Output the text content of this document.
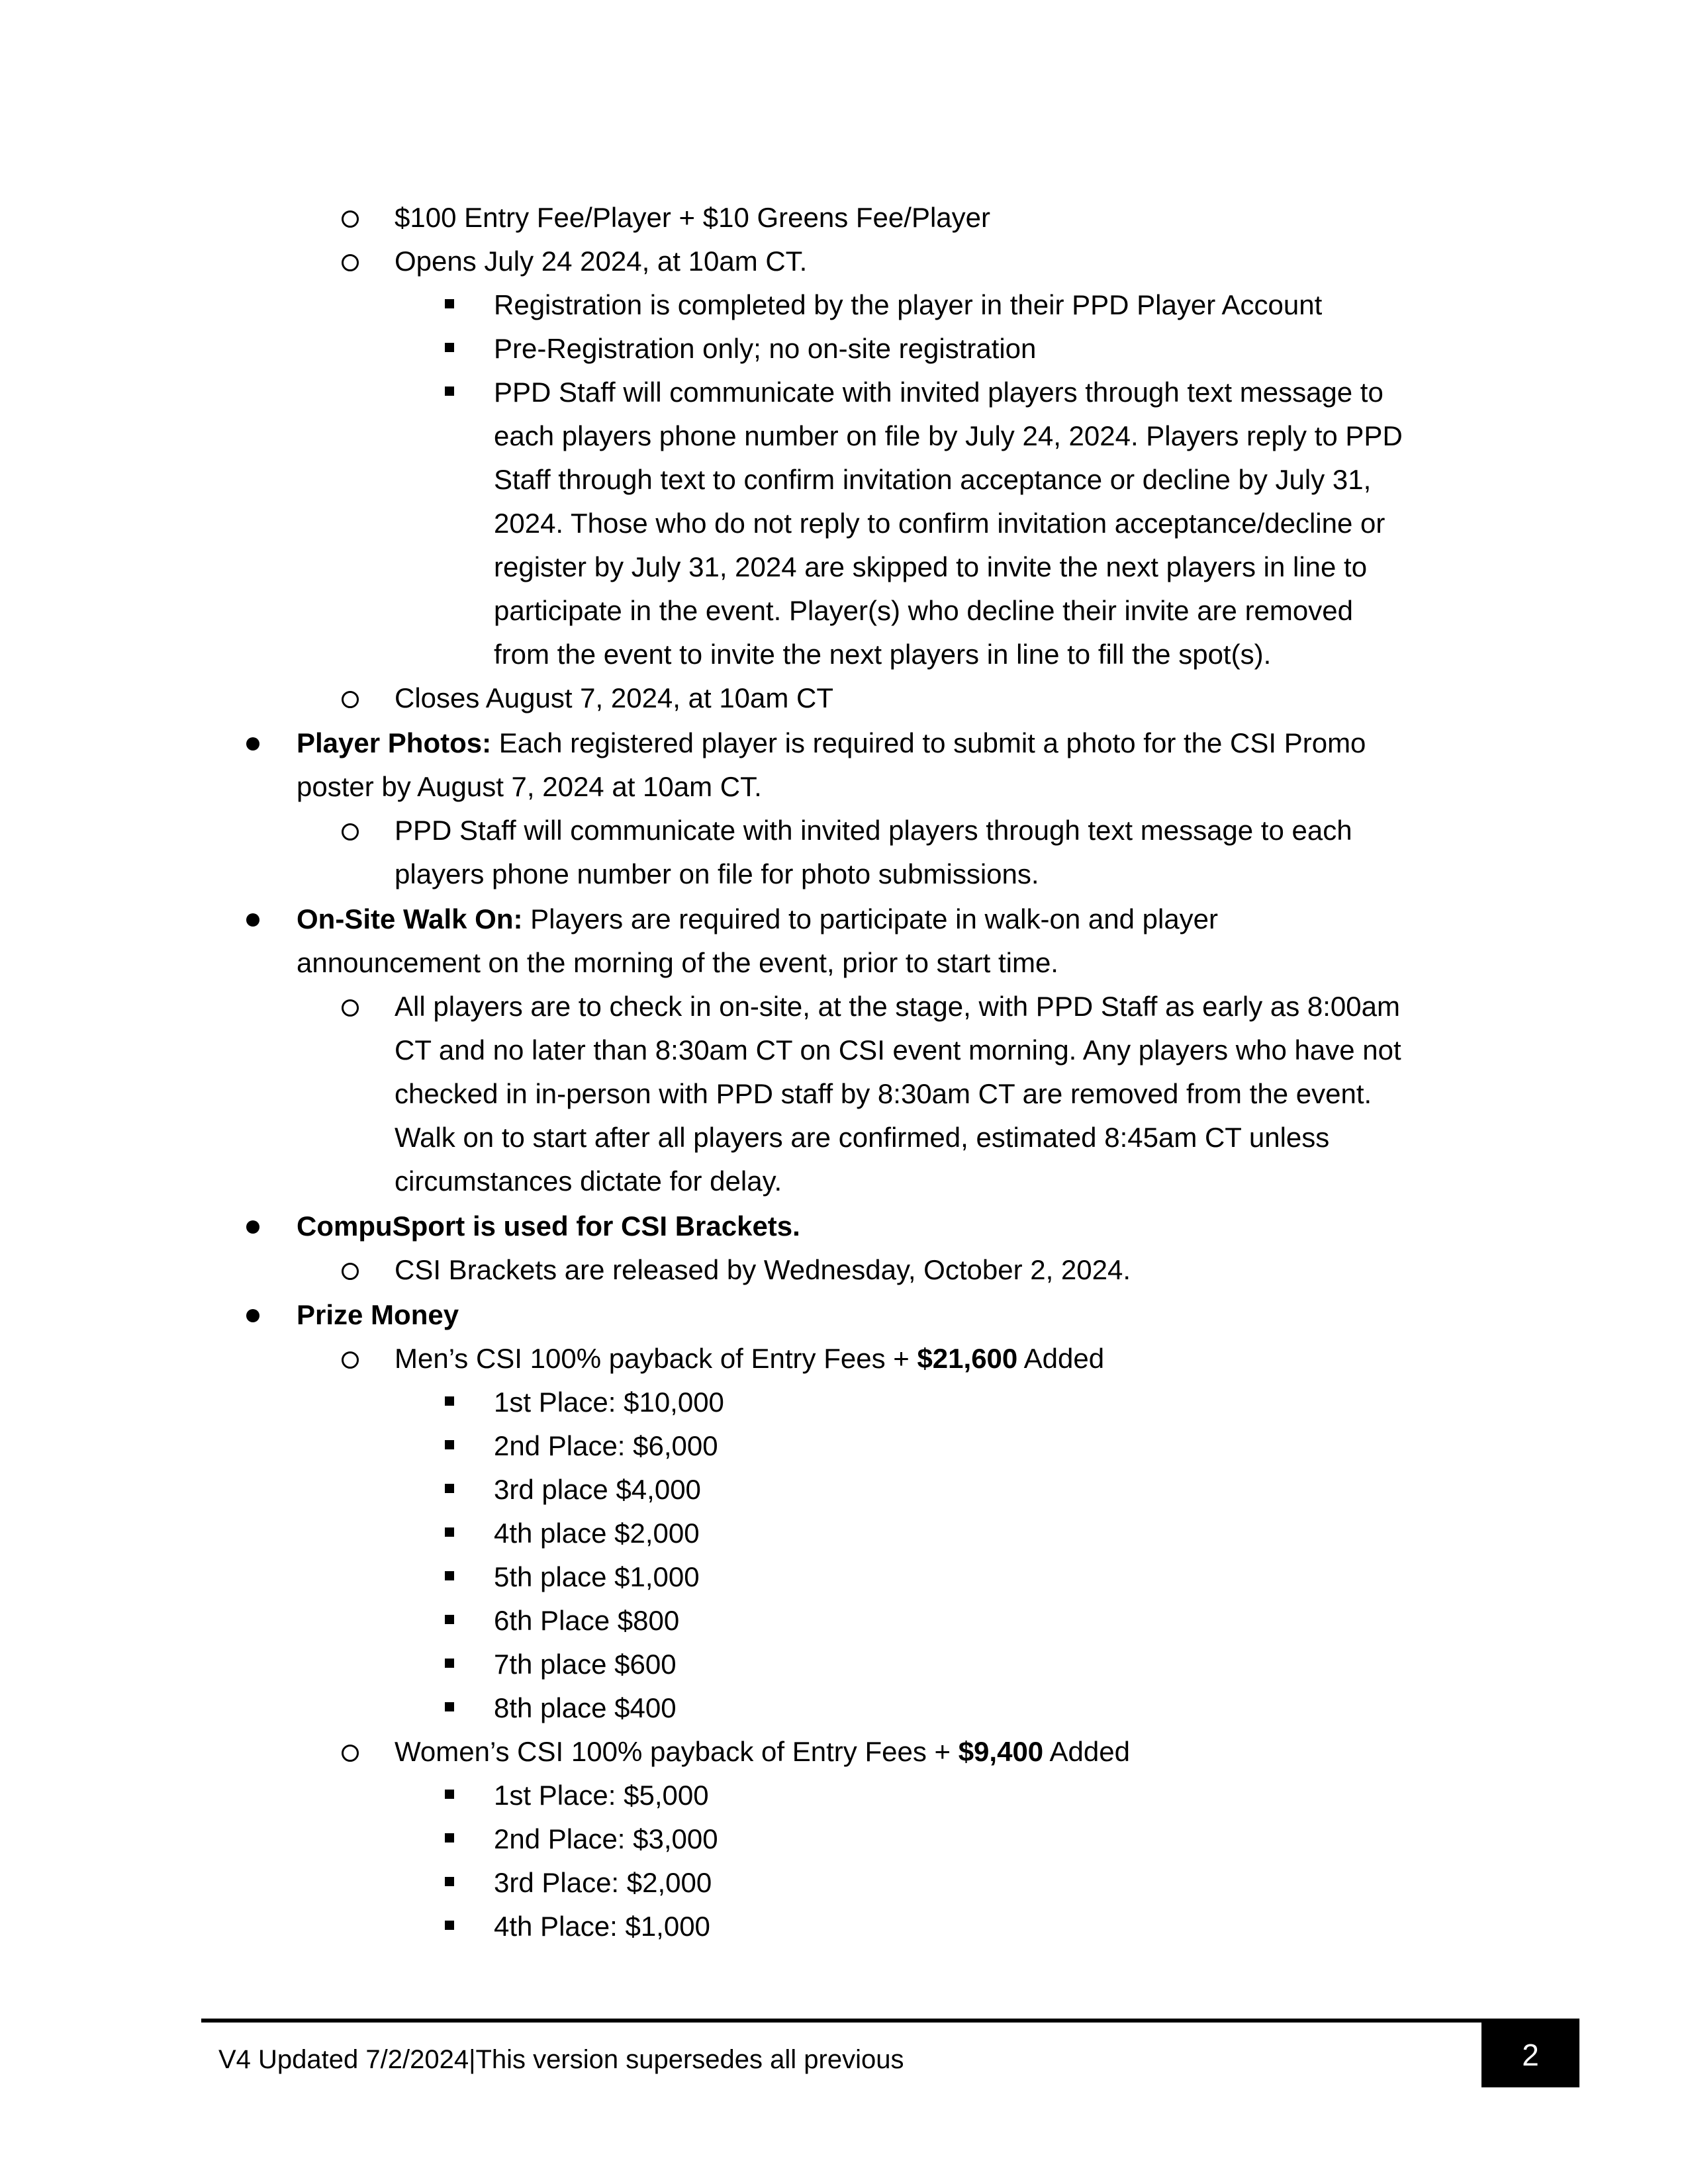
$100 Entry Fee/Player + $10 Greens Fee/Player
Opens July 24 2024, at 10am CT.
Registration is completed by the player in their PPD Player Account
Pre-Registration only; no on-site registration
PPD Staff will communicate with invited players through text message to
each players phone number on file by July 24, 2024. Players reply to PPD
Staff through text to confirm invitation acceptance or decline by July 31,
2024. Those who do not reply to confirm invitation acceptance/decline or
register by July 31, 2024 are skipped to invite the next players in line to
participate in the event. Player(s) who decline their invite are removed
from the event to invite the next players in line to fill the spot(s).
Closes August 7, 2024, at 10am CT
Player Photos: Each registered player is required to submit a photo for the CSI Promo
poster by August 7, 2024 at 10am CT.
PPD Staff will communicate with invited players through text message to each
players phone number on file for photo submissions.
On-Site Walk On: Players are required to participate in walk-on and player
announcement on the morning of the event, prior to start time.
All players are to check in on-site, at the stage, with PPD Staff as early as 8:00am
CT and no later than 8:30am CT on CSI event morning. Any players who have not
checked in in-person with PPD staff by 8:30am CT are removed from the event.
Walk on to start after all players are confirmed, estimated 8:45am CT unless
circumstances dictate for delay.
CompuSport is used for CSI Brackets.
CSI Brackets are released by Wednesday, October 2, 2024.
Prize Money
Men’s CSI 100% payback of Entry Fees + $21,600 Added
1st Place: $10,000
2nd Place: $6,000
3rd place $4,000
4th place $2,000
5th place $1,000
6th Place $800
7th place $600
8th place $400
Women’s CSI 100% payback of Entry Fees + $9,400 Added
1st Place: $5,000
2nd Place: $3,000
3rd Place: $2,000
4th Place: $1,000
V4 Updated 7/2/2024|This version supersedes all previous	2
